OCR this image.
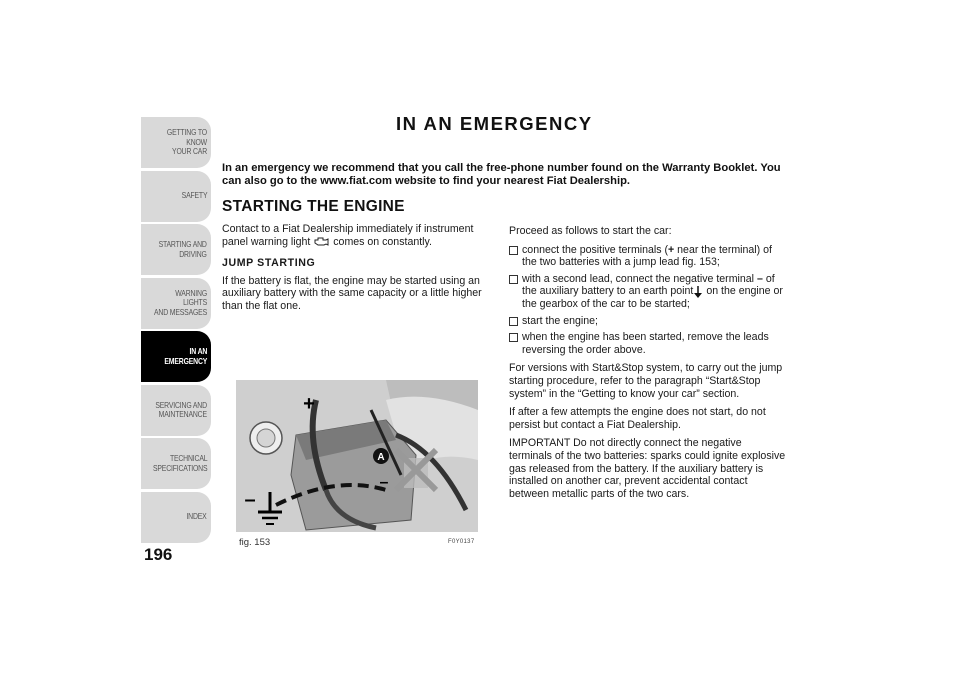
GETTING TO KNOW
YOUR CAR
SAFETY
STARTING AND
DRIVING
WARNING LIGHTS
AND MESSAGES
IN AN
EMERGENCY
SERVICING AND
MAINTENANCE
TECHNICAL
SPECIFICATIONS
INDEX
196
IN AN EMERGENCY
In an emergency we recommend that you call the free-phone number found on the Warranty Booklet. You can also go to the www.fiat.com website to find your nearest Fiat Dealership.
STARTING THE ENGINE

Contact to a Fiat Dealership immediately if instrument panel warning light comes on constantly.

JUMP STARTING

If the battery is flat, the engine may be started using an auxiliary battery with the same capacity or a little higher than the flat one.

A
+
–
–
fig. 153	F0Y0137

Proceed as follows to start the car:

connect the positive terminals (+ near the terminal) of the two batteries with a jump lead fig. 153;
with a second lead, connect the negative terminal – of the auxiliary battery to an earth point on the engine or the gearbox of the car to be started;
start the engine;
when the engine has been started, remove the leads reversing the order above.

For versions with Start&Stop system, to carry out the jump starting procedure, refer to the paragraph “Start&Stop system” in the “Getting to know your car” section.

If after a few attempts the engine does not start, do not persist but contact a Fiat Dealership.

IMPORTANT Do not directly connect the negative terminals of the two batteries: sparks could ignite explosive gas released from the battery. If the auxiliary battery is installed on another car, prevent accidental contact between metallic parts of the two cars.
